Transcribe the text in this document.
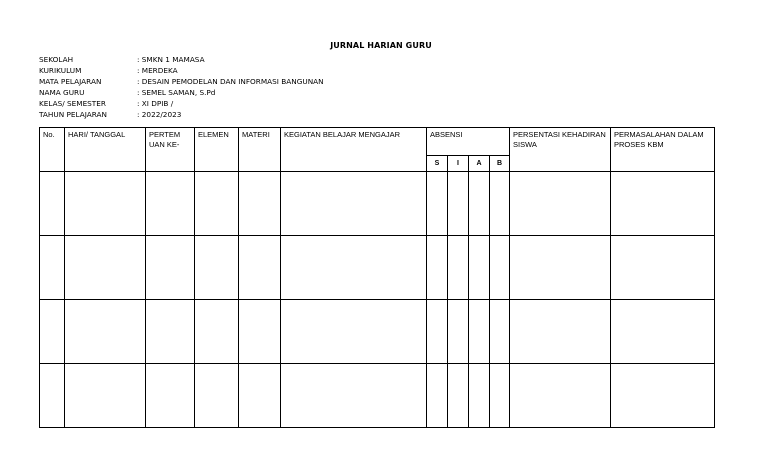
JURNAL HARIAN GURU
SEKOLAH	: SMKN 1 MAMASA
KURIKULUM	: MERDEKA
MATA PELAJARAN	: DESAIN PEMODELAN DAN INFORMASI BANGUNAN
NAMA GURU	: SEMEL SAMAN, S.Pd
KELAS/ SEMESTER	: XI DPIB /
TAHUN PELAJARAN	: 2022/2023
No.	HARI/ TANGGAL	PERTEM UAN KE-	ELEMEN	MATERI	KEGIATAN BELAJAR MENGAJAR	ABSENSI				PERSENTASI KEHADIRAN SISWA	PERMASALAHAN DALAM PROSES KBM
						S	I	A	B		
